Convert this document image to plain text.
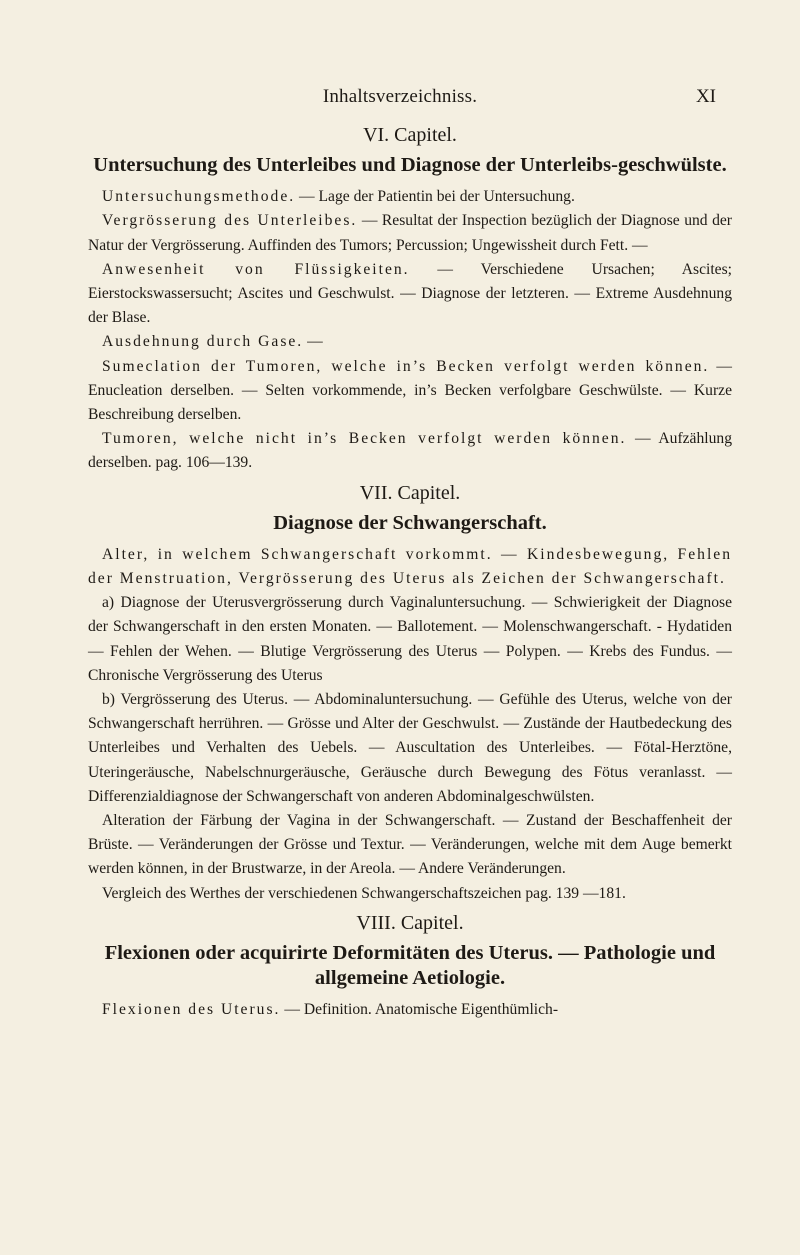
Inhaltsverzeichniss.	XI
VI. Capitel.
Untersuchung des Unterleibes und Diagnose der Unterleibs-geschwülste.

Untersuchungsmethode. — Lage der Patientin bei der Untersuchung.

Vergrösserung des Unterleibes. — Resultat der Inspection bezüglich der Diagnose und der Natur der Vergrösserung. Auffinden des Tumors; Percussion; Ungewissheit durch Fett. —

Anwesenheit von Flüssigkeiten. — Verschiedene Ursachen; Ascites; Eierstockswassersucht; Ascites und Geschwulst. — Diagnose der letzteren. — Extreme Ausdehnung der Blase.

Ausdehnung durch Gase. —

Sumeclation der Tumoren, welche in’s Becken verfolgt werden können. — Enucleation derselben. — Selten vorkommende, in’s Becken verfolgbare Geschwülste. — Kurze Beschreibung derselben.

Tumoren, welche nicht in’s Becken verfolgt werden können. — Aufzählung derselben. pag. 106—139.

VII. Capitel.
Diagnose der Schwangerschaft.

Alter, in welchem Schwangerschaft vorkommt. — Kindesbewegung, Fehlen der Menstruation, Vergrösserung des Uterus als Zeichen der Schwangerschaft.

a) Diagnose der Uterusvergrösserung durch Vaginaluntersuchung. — Schwierigkeit der Diagnose der Schwangerschaft in den ersten Monaten. — Ballotement. — Molenschwangerschaft. - Hydatiden — Fehlen der Wehen. — Blutige Vergrösserung des Uterus — Polypen. — Krebs des Fundus. — Chronische Vergrösserung des Uterus

b) Vergrösserung des Uterus. — Abdominaluntersuchung. — Gefühle des Uterus, welche von der Schwangerschaft herrühren. — Grösse und Alter der Geschwulst. — Zustände der Hautbedeckung des Unterleibes und Verhalten des Uebels. — Auscultation des Unterleibes. — Fötal-Herztöne, Uteringeräusche, Nabelschnurgeräusche, Geräusche durch Bewegung des Fötus veranlasst. — Differenzialdiagnose der Schwangerschaft von anderen Abdominalgeschwülsten.

Alteration der Färbung der Vagina in der Schwangerschaft. — Zustand der Beschaffenheit der Brüste. — Veränderungen der Grösse und Textur. — Veränderungen, welche mit dem Auge bemerkt werden können, in der Brustwarze, in der Areola. — Andere Veränderungen.

Vergleich des Werthes der verschiedenen Schwangerschaftszeichen pag. 139 —181.

VIII. Capitel.
Flexionen oder acquirirte Deformitäten des Uterus. — Pathologie und allgemeine Aetiologie.

Flexionen des Uterus. — Definition. Anatomische Eigenthümlich-
